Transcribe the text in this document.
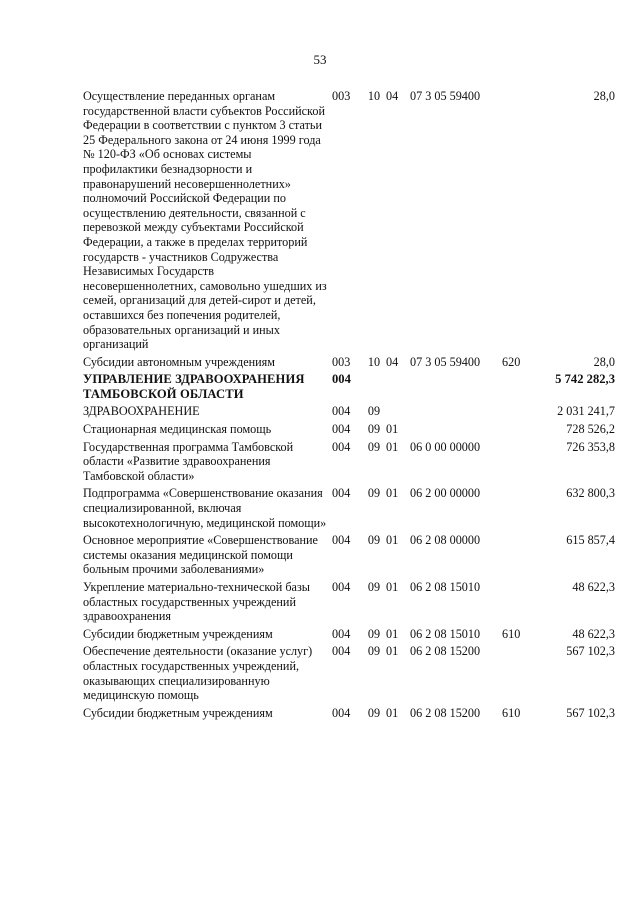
53
Осуществление переданных органам государственной власти субъектов Российской Федерации в соответствии с пунктом 3 статьи 25 Федерального закона от 24 июня 1999 года № 120-ФЗ «Об основах системы профилактики безнадзорности и правонарушений несовершеннолетних» полномочий Российской Федерации по осуществлению деятельности, связанной с перевозкой между субъектами Российской Федерации, а также в пределах территорий государств - участников Содружества Независимых Государств несовершеннолетних, самовольно ушедших из семей, организаций для детей-сирот и детей, оставшихся без попечения родителей, образовательных организаций и иных организаций	003	10	04	07 3 05 59400		28,0
Субсидии автономным учреждениям	003	10	04	07 3 05 59400	620	28,0
УПРАВЛЕНИЕ ЗДРАВООХРАНЕНИЯ ТАМБОВСКОЙ ОБЛАСТИ	004					5 742 282,3
ЗДРАВООХРАНЕНИЕ	004	09				2 031 241,7
Стационарная медицинская помощь	004	09	01			728 526,2
Государственная программа Тамбовской области «Развитие здравоохранения Тамбовской области»	004	09	01	06 0 00 00000		726 353,8
Подпрограмма «Совершенствование оказания специализированной, включая высокотехнологичную, медицинской помощи»	004	09	01	06 2 00 00000		632 800,3
Основное мероприятие «Совершенствование системы оказания медицинской помощи больным прочими заболеваниями»	004	09	01	06 2 08 00000		615 857,4
Укрепление материально-технической базы областных государственных учреждений здравоохранения	004	09	01	06 2 08 15010		48 622,3
Субсидии бюджетным учреждениям	004	09	01	06 2 08 15010	610	48 622,3
Обеспечение деятельности (оказание услуг) областных государственных учреждений, оказывающих специализированную медицинскую помощь	004	09	01	06 2 08 15200		567 102,3
Субсидии бюджетным учреждениям	004	09	01	06 2 08 15200	610	567 102,3
